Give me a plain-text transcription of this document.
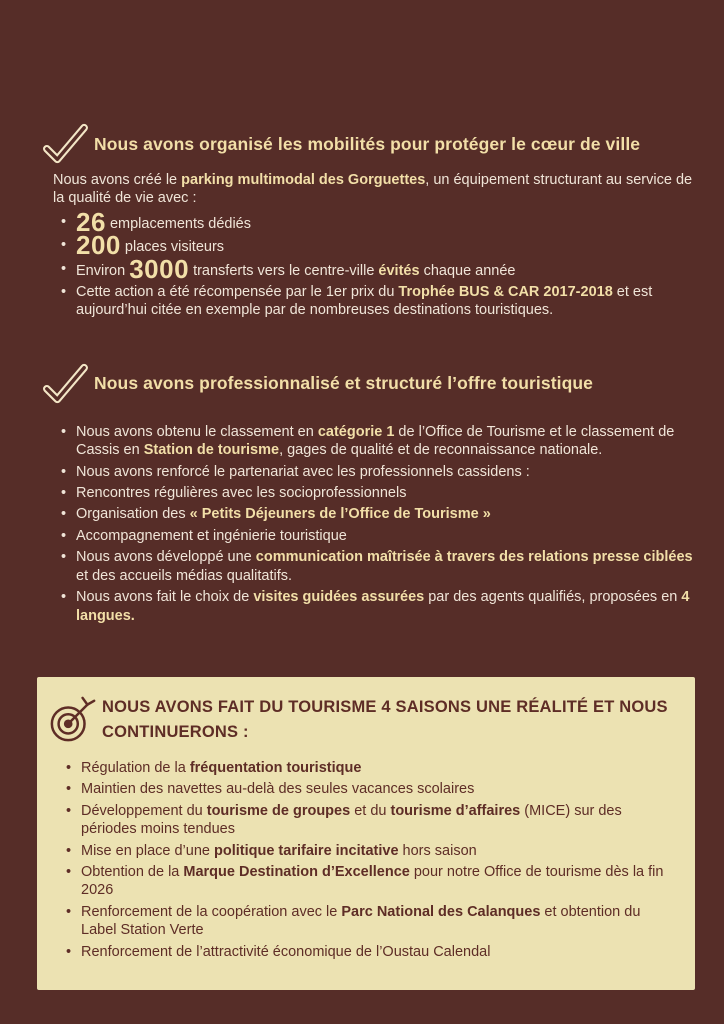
Nous avons organisé les mobilités pour protéger le cœur de ville

Nous avons créé le parking multimodal des Gorguettes, un équipement structurant au service de la qualité de vie avec :

• 26 emplacements dédiés
• 200 places visiteurs
• Environ 3000 transferts vers le centre-ville évités chaque année
• Cette action a été récompensée par le 1er prix du Trophée BUS & CAR 2017-2018 et est aujourd’hui citée en exemple par de nombreuses destinations touristiques.
Nous avons professionnalisé et structuré l’offre touristique
• Nous avons obtenu le classement en catégorie 1 de l’Office de Tourisme et le classement de Cassis en Station de tourisme, gages de qualité et de reconnaissance nationale.
• Nous avons renforcé le partenariat avec les professionnels cassidens :
• Rencontres régulières avec les socioprofessionnels
• Organisation des « Petits Déjeuners de l’Office de Tourisme »
• Accompagnement et ingénierie touristique
• Nous avons développé une communication maîtrisée à travers des relations presse ciblées et des accueils médias qualitatifs.
• Nous avons fait le choix de visites guidées assurées par des agents qualifiés, proposées en 4 langues.
NOUS AVONS FAIT DU TOURISME 4 SAISONS UNE RÉALITÉ ET NOUS
CONTINUERONS :
• Régulation de la fréquentation touristique
• Maintien des navettes au-delà des seules vacances scolaires
• Développement du tourisme de groupes et du tourisme d’affaires (MICE) sur des périodes moins tendues
• Mise en place d’une politique tarifaire incitative hors saison
• Obtention de la Marque Destination d’Excellence pour notre Office de tourisme dès la fin 2026
• Renforcement de la coopération avec le Parc National des Calanques et obtention du Label Station Verte
• Renforcement de l’attractivité économique de l’Oustau Calendal
